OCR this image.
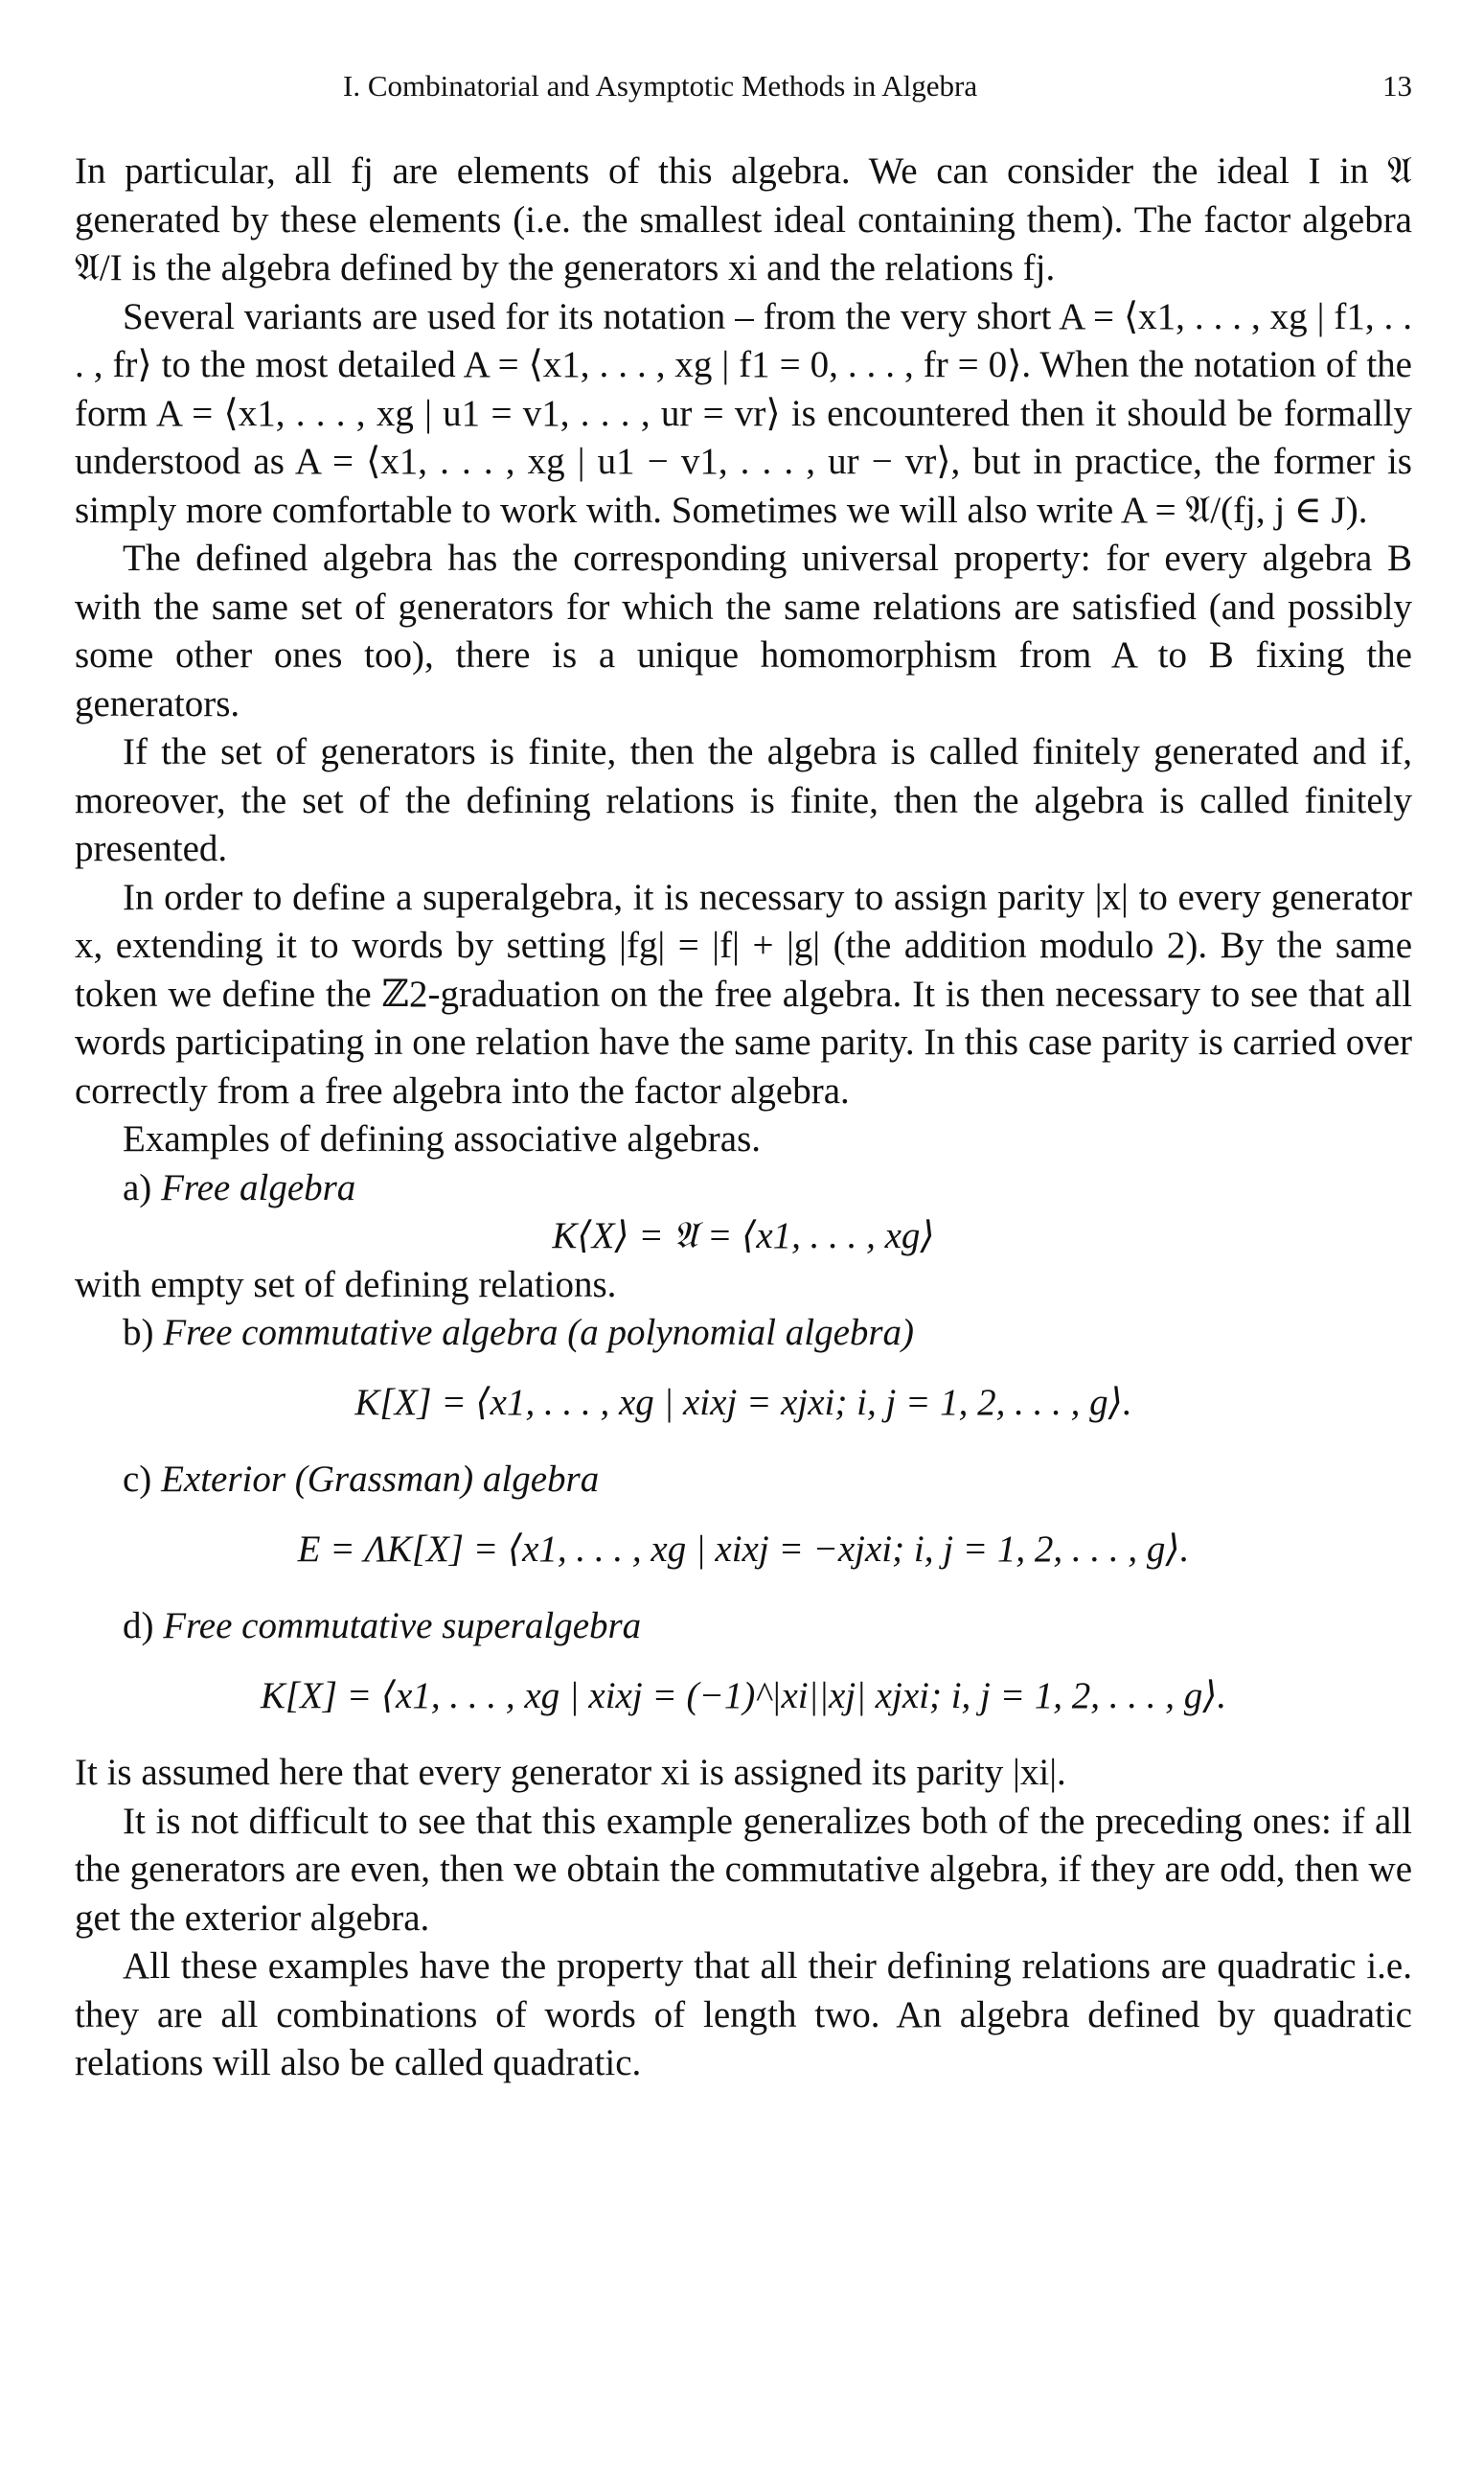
I. Combinatorial and Asymptotic Methods in Algebra	13

In particular, all fj are elements of this algebra. We can consider the ideal I in 𝔄 generated by these elements (i.e. the smallest ideal containing them). The factor algebra 𝔄/I is the algebra defined by the generators xi and the relations fj.

Several variants are used for its notation – from the very short A = ⟨x1, . . . , xg | f1, . . . , fr⟩ to the most detailed A = ⟨x1, . . . , xg | f1 = 0, . . . , fr = 0⟩. When the notation of the form A = ⟨x1, . . . , xg | u1 = v1, . . . , ur = vr⟩ is encountered then it should be formally understood as A = ⟨x1, . . . , xg | u1 − v1, . . . , ur − vr⟩, but in practice, the former is simply more comfortable to work with. Sometimes we will also write A = 𝔄/(fj, j ∈ J).

The defined algebra has the corresponding universal property: for every algebra B with the same set of generators for which the same relations are satisfied (and possibly some other ones too), there is a unique homomorphism from A to B fixing the generators.

If the set of generators is finite, then the algebra is called finitely generated and if, moreover, the set of the defining relations is finite, then the algebra is called finitely presented.

In order to define a superalgebra, it is necessary to assign parity |x| to every generator x, extending it to words by setting |fg| = |f| + |g| (the addition modulo 2). By the same token we define the ℤ2-graduation on the free algebra. It is then necessary to see that all words participating in one relation have the same parity. In this case parity is carried over correctly from a free algebra into the factor algebra.

Examples of defining associative algebras.

a) Free algebra

K⟨X⟩ = 𝔄 = ⟨x1, . . . , xg⟩

with empty set of defining relations.

b) Free commutative algebra (a polynomial algebra)

K[X] = ⟨x1, . . . , xg | xixj = xjxi; i, j = 1, 2, . . . , g⟩.

c) Exterior (Grassman) algebra

E = ΛK[X] = ⟨x1, . . . , xg | xixj = −xjxi; i, j = 1, 2, . . . , g⟩.

d) Free commutative superalgebra

K[X] = ⟨x1, . . . , xg | xixj = (−1)^|xi||xj| xjxi; i, j = 1, 2, . . . , g⟩.

It is assumed here that every generator xi is assigned its parity |xi|.

It is not difficult to see that this example generalizes both of the preceding ones: if all the generators are even, then we obtain the commutative algebra, if they are odd, then we get the exterior algebra.

All these examples have the property that all their defining relations are quadratic i.e. they are all combinations of words of length two. An algebra defined by quadratic relations will also be called quadratic.
